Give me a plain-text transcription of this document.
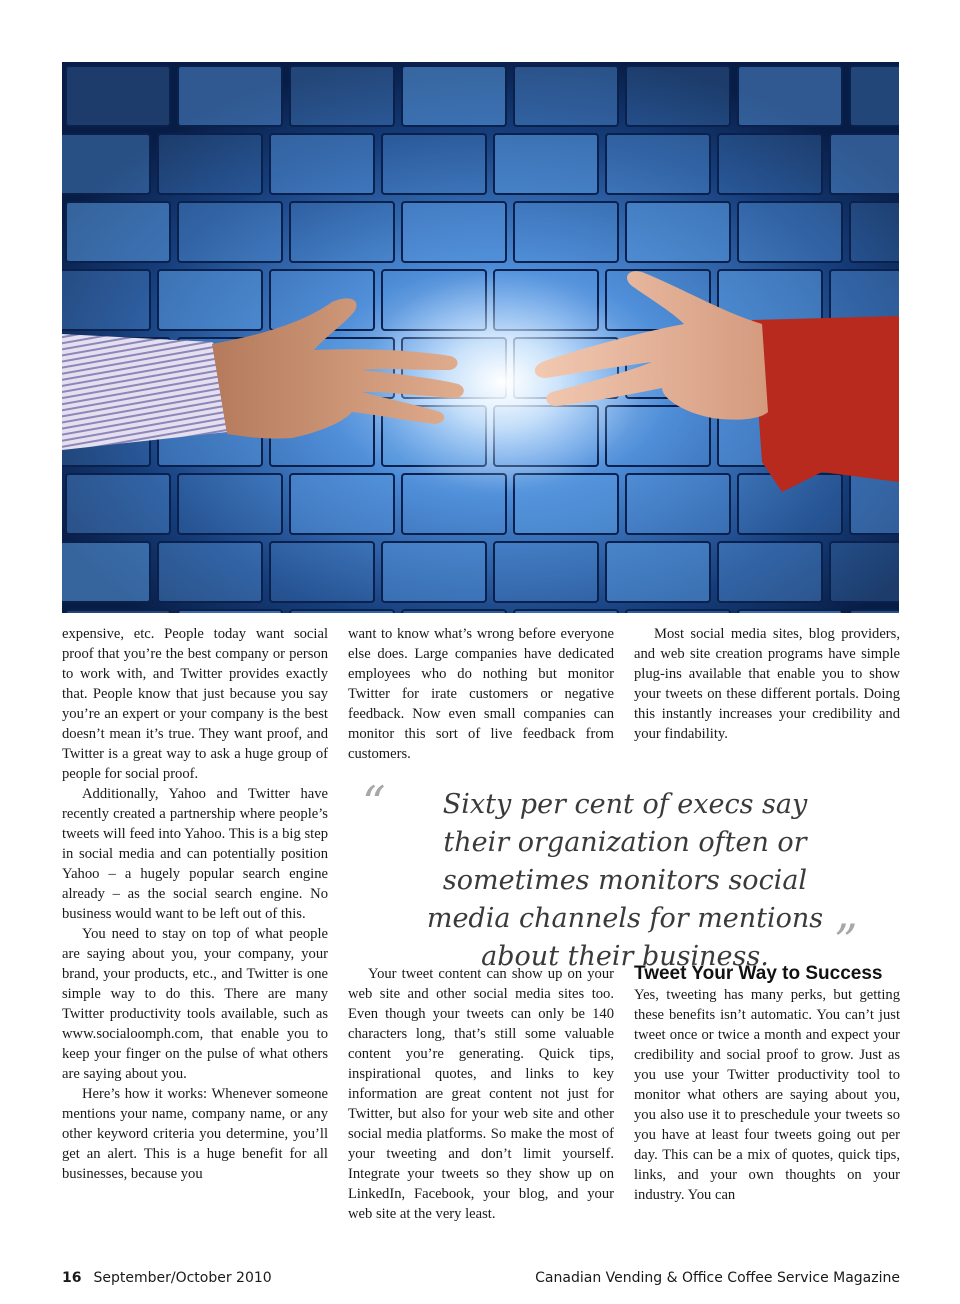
expensive, etc. People today want social proof that you’re the best company or person to work with, and Twitter provides exactly that. People know that just because you say you’re an expert or your company is the best doesn’t mean it’s true. They want proof, and Twitter is a great way to ask a huge group of people for social proof.

Additionally, Yahoo and Twitter have recently created a partnership where people’s tweets will feed into Yahoo. This is a big step in social media and can potentially position Yahoo – a hugely popular search engine already – as the social search engine. No business would want to be left out of this.

You need to stay on top of what people are saying about you, your company, your brand, your products, etc., and Twitter is one simple way to do this. There are many Twitter productivity tools available, such as www.socialoomph.com, that enable you to keep your finger on the pulse of what others are saying about you.

Here’s how it works: Whenever someone mentions your name, company name, or any other keyword criteria you determine, you’ll get an alert. This is a huge benefit for all businesses, because you

want to know what’s wrong before everyone else does. Large companies have dedicated employees who do nothing but monitor Twitter for irate customers or negative feedback. Now even small companies can monitor this sort of live feedback from customers.

Most social media sites, blog providers, and web site creation programs have simple plug-ins available that enable you to show your tweets on these different portals. Doing this instantly increases your credibility and your findability.

“	Sixty per cent of execs say their organization often or sometimes monitors social media channels for mentions about their business.	”

Your tweet content can show up on your web site and other social media sites too. Even though your tweets can only be 140 characters long, that’s still some valuable content you’re generating. Quick tips, inspirational quotes, and links to key information are great content not just for Twitter, but also for your web site and other social media platforms. So make the most of your tweeting and don’t limit yourself. Integrate your tweets so they show up on LinkedIn, Facebook, your blog, and your web site at the very least.

Tweet Your Way to Success

Yes, tweeting has many perks, but getting these benefits isn’t automatic. You can’t just tweet once or twice a month and expect your credibility and social proof to grow. Just as you use your Twitter productivity tool to monitor what others are saying about you, you also use it to preschedule your tweets so you have at least four tweets going out per day. This can be a mix of quotes, quick tips, links, and your own thoughts on your industry. You can

16 September/October 2010	Canadian Vending & Office Coffee Service Magazine
